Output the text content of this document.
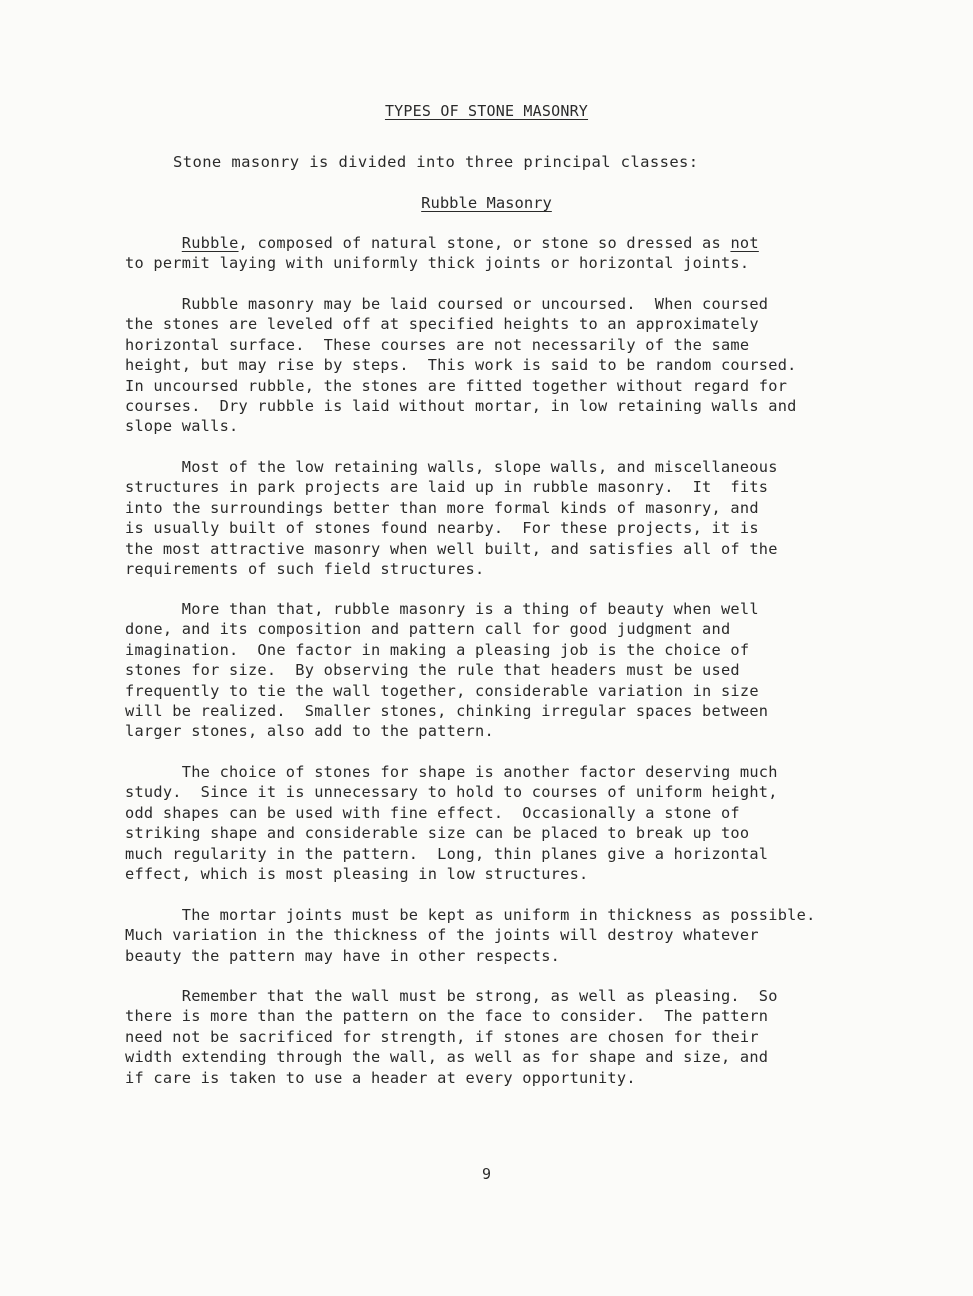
TYPES OF STONE MASONRY
Stone masonry is divided into three principal classes:
Rubble Masonry
Rubble, composed of natural stone, or stone so dressed as not
to permit laying with uniformly thick joints or horizontal joints.
Rubble masonry may be laid coursed or uncoursed.  When coursed
the stones are leveled off at specified heights to an approximately
horizontal surface.  These courses are not necessarily of the same
height, but may rise by steps.  This work is said to be random coursed.
In uncoursed rubble, the stones are fitted together without regard for
courses.  Dry rubble is laid without mortar, in low retaining walls and
slope walls.
Most of the low retaining walls, slope walls, and miscellaneous
structures in park projects are laid up in rubble masonry.  It  fits
into the surroundings better than more formal kinds of masonry, and
is usually built of stones found nearby.  For these projects, it is
the most attractive masonry when well built, and satisfies all of the
requirements of such field structures.
More than that, rubble masonry is a thing of beauty when well
done, and its composition and pattern call for good judgment and
imagination.  One factor in making a pleasing job is the choice of
stones for size.  By observing the rule that headers must be used
frequently to tie the wall together, considerable variation in size
will be realized.  Smaller stones, chinking irregular spaces between
larger stones, also add to the pattern.
The choice of stones for shape is another factor deserving much
study.  Since it is unnecessary to hold to courses of uniform height,
odd shapes can be used with fine effect.  Occasionally a stone of
striking shape and considerable size can be placed to break up too
much regularity in the pattern.  Long, thin planes give a horizontal
effect, which is most pleasing in low structures.
The mortar joints must be kept as uniform in thickness as possible.
Much variation in the thickness of the joints will destroy whatever
beauty the pattern may have in other respects.
Remember that the wall must be strong, as well as pleasing.  So
there is more than the pattern on the face to consider.  The pattern
need not be sacrificed for strength, if stones are chosen for their
width extending through the wall, as well as for shape and size, and
if care is taken to use a header at every opportunity.
9
